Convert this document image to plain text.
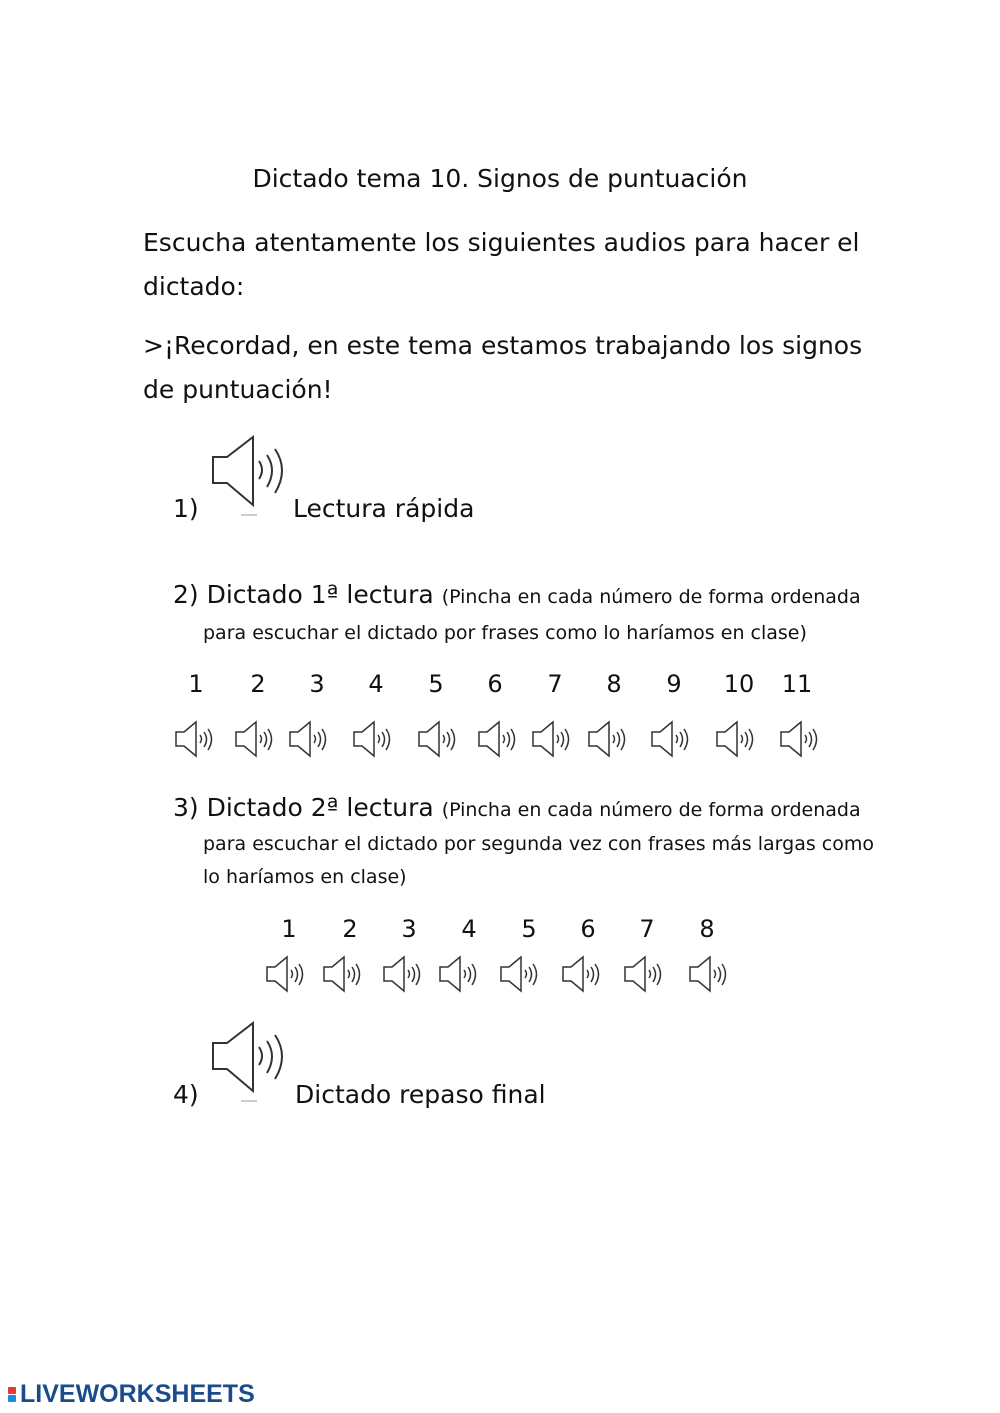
Dictado tema 10. Signos de puntuación
Escucha atentamente los siguientes audios para hacer el dictado:
>¡Recordad, en este tema estamos trabajando los signos de puntuación!
1)	Lectura rápida
2) Dictado 1ª lectura (Pincha en cada número de forma ordenada
para escuchar el dictado por frases como lo haríamos en clase)
1	2	3	4	5	6	7	8	9	10 11
3) Dictado 2ª lectura (Pincha en cada número de forma ordenada
para escuchar el dictado por segunda vez con frases más largas como
lo haríamos en clase)
1	2	3	4	5	6	7	8
4)	Dictado repaso final
LIVEWORKSHEETS
